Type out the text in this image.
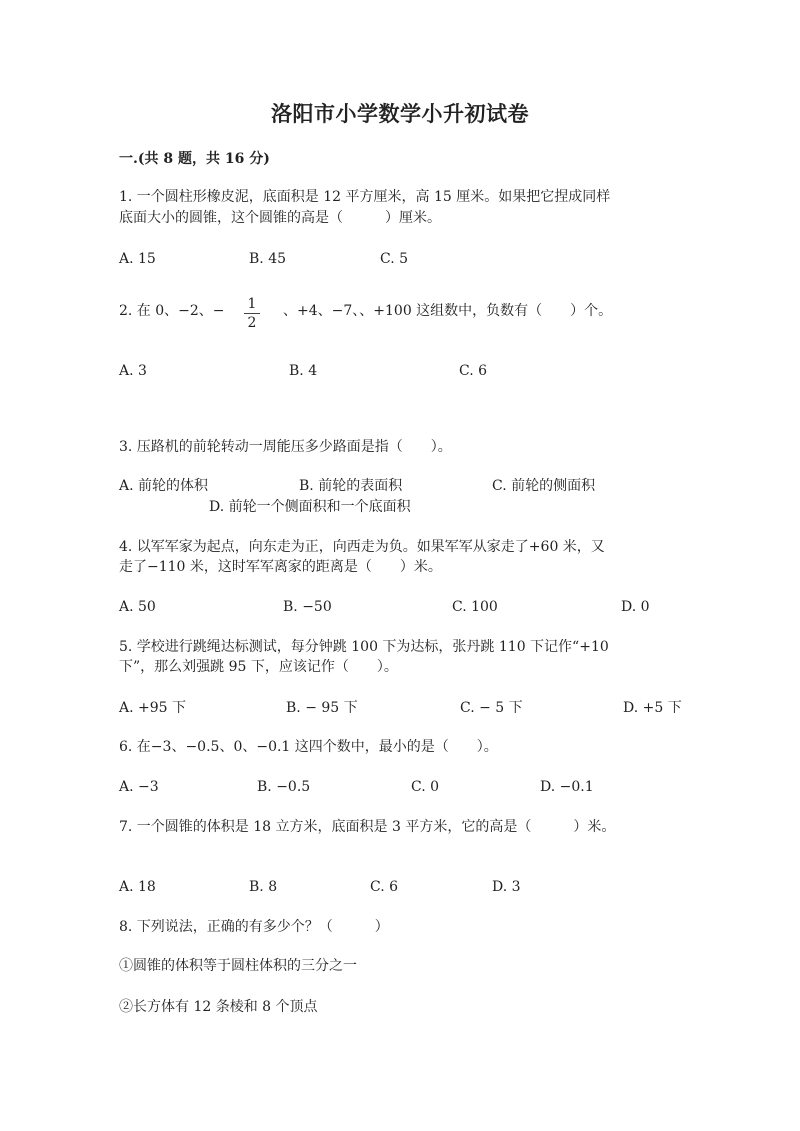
洛阳市小学数学小升初试卷
一.(共 8 题，共 16 分)
1. 一个圆柱形橡皮泥，底面积是 12 平方厘米，高 15 厘米。如果把它捏成同样
底面大小的圆锥，这个圆锥的高是（　　　）厘米。
A. 15	B. 45	C. 5
2. 在 0、−2、−	1
2
、+4、−7、、+100 这组数中，负数有（　　）个。
A. 3	B. 4	C. 6
3. 压路机的前轮转动一周能压多少路面是指（　　）。
A. 前轮的体积	B. 前轮的表面积	C. 前轮的侧面积
D. 前轮一个侧面积和一个底面积
4. 以军军家为起点，向东走为正，向西走为负。如果军军从家走了+60 米，又
走了−110 米，这时军军离家的距离是（　　）米。
A. 50	B. −50	C. 100	D. 0
5. 学校进行跳绳达标测试，每分钟跳 100 下为达标，张丹跳 110 下记作“+10
下”，那么刘强跳 95 下，应该记作（　　）。
A. +95 下	B. − 95 下	C. − 5 下	D. +5 下
6. 在−3、−0.5、0、−0.1 这四个数中，最小的是（　　）。
A. −3	B. −0.5	C. 0	D. −0.1
7. 一个圆锥的体积是 18 立方米，底面积是 3 平方米，它的高是（　　　）米。
A. 18	B. 8	C. 6	D. 3
8. 下列说法，正确的有多少个？（　　　）
①圆锥的体积等于圆柱体积的三分之一
②长方体有 12 条棱和 8 个顶点
